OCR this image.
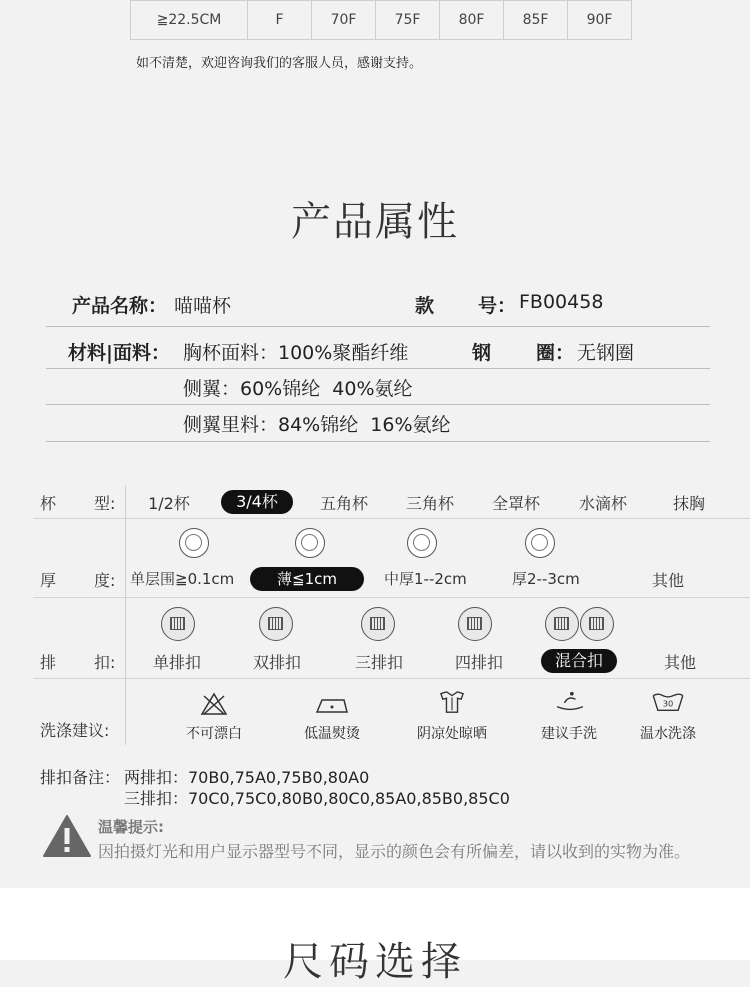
≧22.5CM	F	70F	75F	80F	85F	90F
如不清楚，欢迎咨询我们的客服人员，感谢支持。
产品属性
产品名称： 喵喵杯	款 号： FB00458
材料|面料： 胸杯面料：100%聚酯纤维	钢 圈： 无钢圈
侧翼：60%锦纶  40%氨纶
侧翼里料：84%锦纶  16%氨纶
杯 型:	1/2杯	3/4杯	五角杯	三角杯	全罩杯	水滴杯	抹胸
厚 度: 单层围≧0.1cm	薄≦1cm	中厚1--2cm	厚2--3cm	其他
排 扣:	单排扣	双排扣	三排扣	四排扣	混合扣	其他
洗涤建议:
30
不可漂白	低温熨烫	阴凉处晾晒	建议手洗	温水洗涤
排扣备注： 两排扣：70B0,75A0,75B0,80A0
三排扣：70C0,75C0,80B0,80C0,85A0,85B0,85C0
温馨提示:
因拍摄灯光和用户显示器型号不同，显示的颜色会有所偏差，请以收到的实物为准。
尺码选择
